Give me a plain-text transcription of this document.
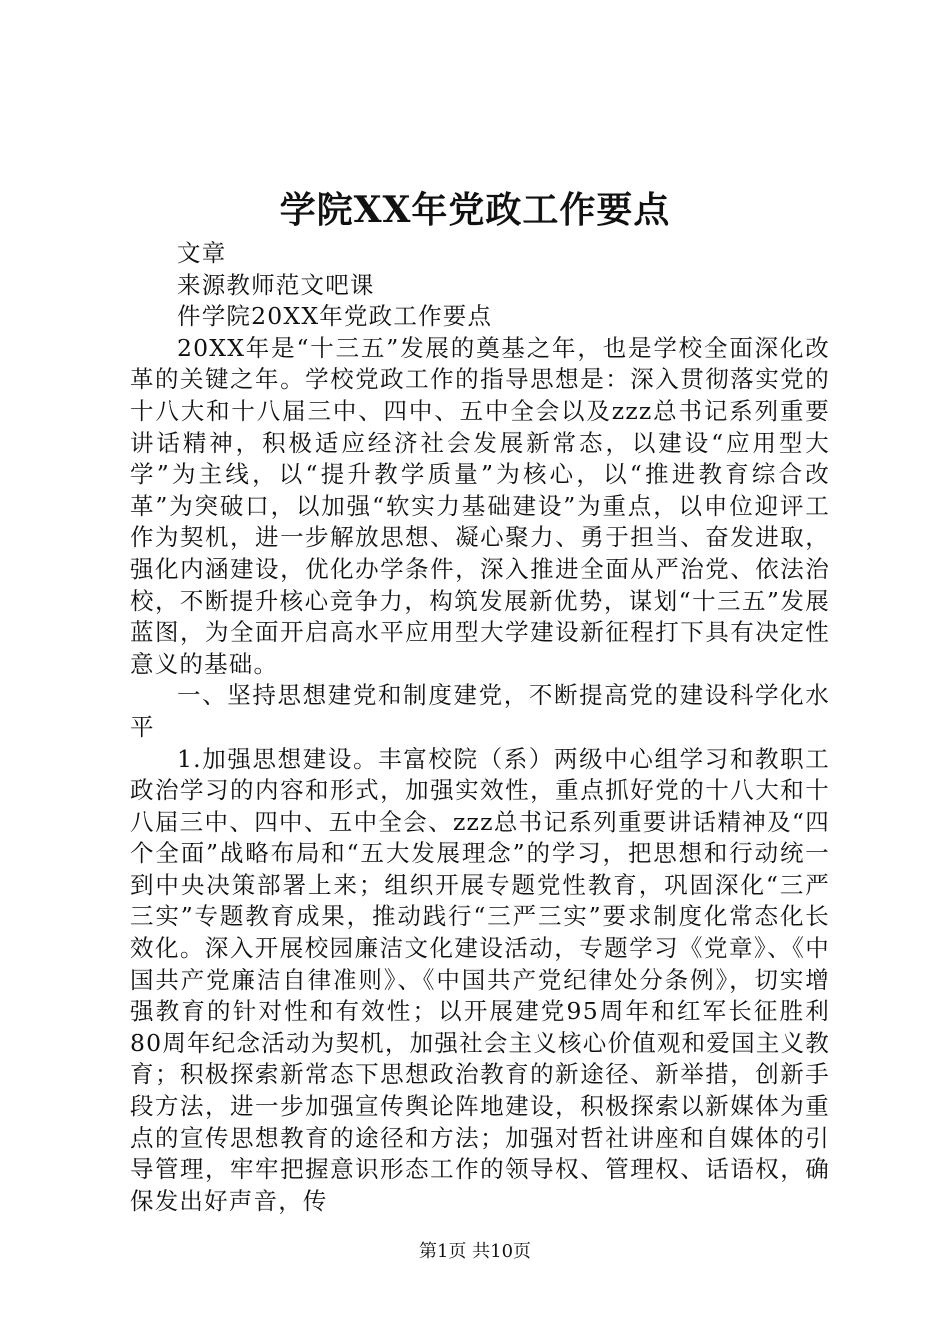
学院XX年党政工作要点

文章

来源教师范文吧课

件学院20XX年党政工作要点

20XX年是“十三五”发展的奠基之年，也是学校全面深化改革的关键之年。学校党政工作的指导思想是：深入贯彻落实党的十八大和十八届三中、四中、五中全会以及zzz总书记系列重要讲话精神，积极适应经济社会发展新常态，以建设“应用型大学”为主线，以“提升教学质量”为核心，以“推进教育综合改革”为突破口，以加强“软实力基础建设”为重点，以申位迎评工作为契机，进一步解放思想、凝心聚力、勇于担当、奋发进取，强化内涵建设，优化办学条件，深入推进全面从严治党、依法治校，不断提升核心竞争力，构筑发展新优势，谋划“十三五”发展蓝图，为全面开启高水平应用型大学建设新征程打下具有决定性意义的基础。

一、坚持思想建党和制度建党，不断提高党的建设科学化水平

1.加强思想建设。丰富校院（系）两级中心组学习和教职工政治学习的内容和形式，加强实效性，重点抓好党的十八大和十八届三中、四中、五中全会、zzz总书记系列重要讲话精神及“四个全面”战略布局和“五大发展理念”的学习，把思想和行动统一到中央决策部署上来；组织开展专题党性教育，巩固深化“三严三实”专题教育成果，推动践行“三严三实”要求制度化常态化长效化。深入开展校园廉洁文化建设活动，专题学习《党章》、《中国共产党廉洁自律准则》、《中国共产党纪律处分条例》，切实增强教育的针对性和有效性；以开展建党95周年和红军长征胜利80周年纪念活动为契机，加强社会主义核心价值观和爱国主义教育；积极探索新常态下思想政治教育的新途径、新举措，创新手段方法，进一步加强宣传舆论阵地建设，积极探索以新媒体为重点的宣传思想教育的途径和方法；加强对哲社讲座和自媒体的引导管理，牢牢把握意识形态工作的领导权、管理权、话语权，确保发出好声音，传

第1页 共10页
